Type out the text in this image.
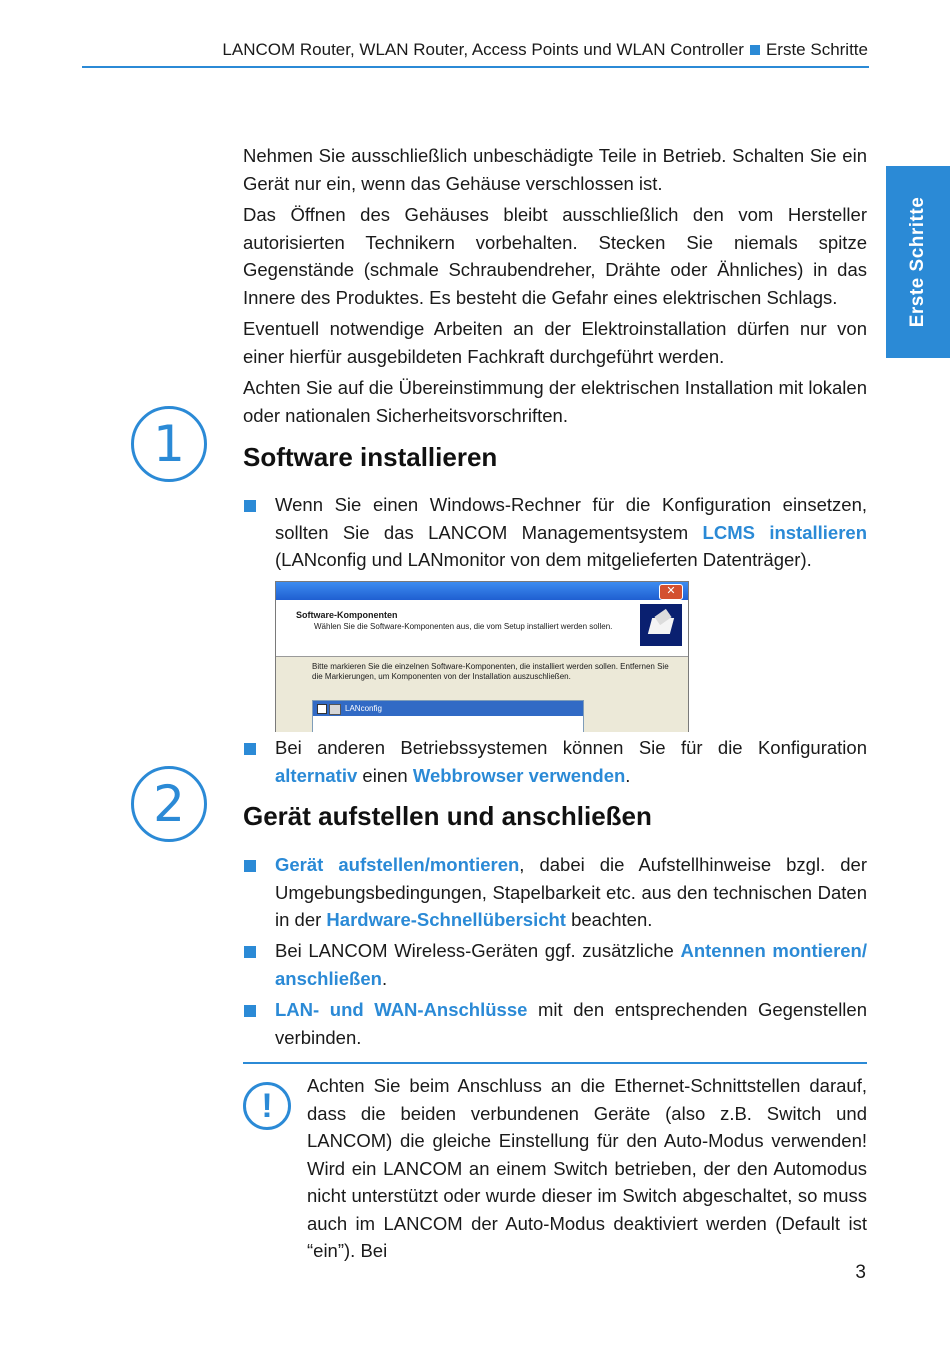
LANCOM Router, WLAN Router, Access Points und WLAN Controller Erste Schritte
Erste Schritte

Nehmen Sie ausschließlich unbeschädigte Teile in Betrieb. Schalten Sie ein Gerät nur ein, wenn das Gehäuse verschlossen ist.

Das Öffnen des Gehäuses bleibt ausschließlich den vom Hersteller autorisierten Technikern vorbehalten. Stecken Sie niemals spitze Gegenstände (schmale Schraubendreher, Drähte oder Ähnliches) in das Innere des Produktes. Es besteht die Gefahr eines elektrischen Schlags.

Eventuell notwendige Arbeiten an der Elektroinstallation dürfen nur von einer hierfür ausgebildeten Fachkraft durchgeführt werden.

Achten Sie auf die Übereinstimmung der elektrischen Installation mit lokalen oder nationalen Sicherheitsvorschriften.

1	Software installieren

Wenn Sie einen Windows-Rechner für die Konfiguration einsetzen, sollten Sie das LANCOM Managementsystem LCMS installieren (LANconfig und LANmonitor von dem mitgelieferten Datenträger).

✕
Software-Komponenten
Wählen Sie die Software-Komponenten aus, die vom Setup installiert werden sollen.
Bitte markieren Sie die einzelnen Software-Komponenten, die installiert werden sollen. Entfernen Sie die Markierungen, um Komponenten von der Installation auszuschließen.
LANconfig

Bei anderen Betriebssystemen können Sie für die Konfiguration alternativ einen Webbrowser verwenden.

2	Gerät aufstellen und anschließen

Gerät aufstellen/montieren, dabei die Aufstellhinweise bzgl. der Umgebungsbedingungen, Stapelbarkeit etc. aus den technischen Daten in der Hardware-Schnellübersicht beachten.

Bei LANCOM Wireless-Geräten ggf. zusätzliche Antennen montieren/ anschließen.

LAN- und WAN-Anschlüsse mit den entsprechenden Gegenstellen verbinden.

!

Achten Sie beim Anschluss an die Ethernet-Schnittstellen darauf, dass die beiden verbundenen Geräte (also z.B. Switch und LANCOM) die gleiche Einstellung für den Auto-Modus verwenden! Wird ein LANCOM an einem Switch betrieben, der den Automodus nicht unterstützt oder wurde dieser im Switch abgeschaltet, so muss auch im LANCOM der Auto-Modus deaktiviert werden (Default ist “ein”). Bei

3
